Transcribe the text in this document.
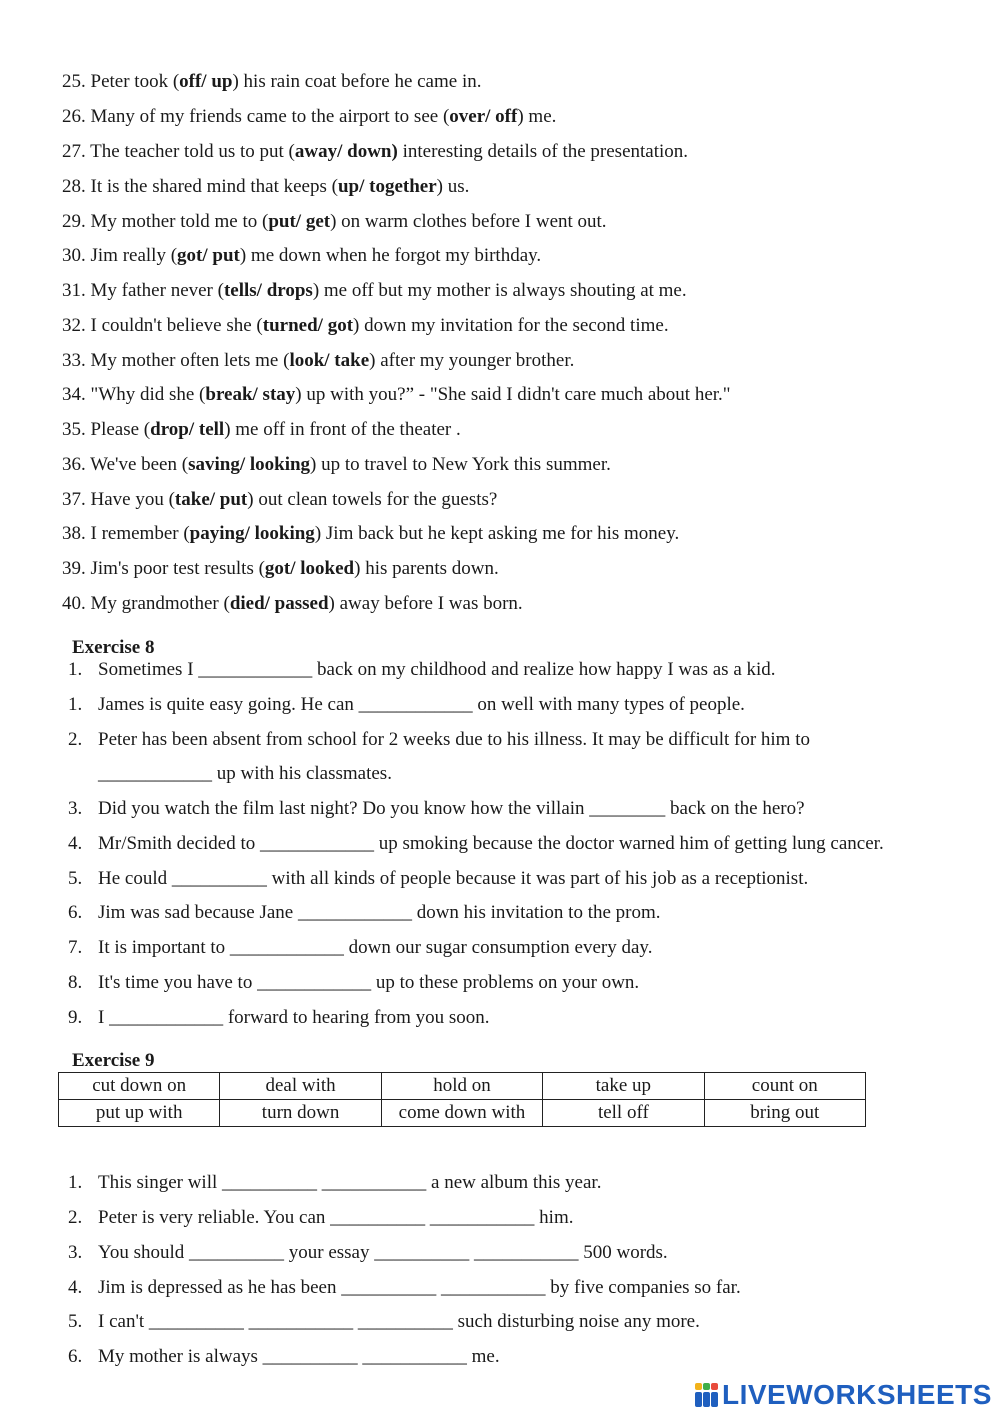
25. Peter took (off/ up) his rain coat before he came in.
26. Many of my friends came to the airport to see (over/ off) me.
27. The teacher told us to put (away/ down) interesting details of the presentation.
28. It is the shared mind that keeps (up/ together) us.
29. My mother told me to (put/ get) on warm clothes before I went out.
30. Jim really (got/ put) me down when he forgot my birthday.
31. My father never (tells/ drops) me off but my mother is always shouting at me.
32. I couldn't believe she (turned/ got) down my invitation for the second time.
33. My mother often lets me (look/ take) after my younger brother.
34. "Why did she (break/ stay) up with you?” - "She said I didn't care much about her."
35. Please (drop/ tell) me off in front of the theater .
36. We've been (saving/ looking) up to travel to New York this summer.
37. Have you (take/ put) out clean towels for the guests?
38. I remember (paying/ looking) Jim back but he kept asking me for his money.
39. Jim's poor test results (got/ looked) his parents down.
40. My grandmother (died/ passed) away before I was born.
Exercise 8
1. Sometimes I ____________ back on my childhood and realize how happy I was as a kid.
1. James is quite easy going. He can ____________ on well with many types of people.
2. Peter has been absent from school for 2 weeks due to his illness. It may be difficult for him to
____________ up with his classmates.
3. Did you watch the film last night? Do you know how the villain ________ back on the hero?
4. Mr/Smith decided to ____________ up smoking because the doctor warned him of getting lung cancer.
5. He could __________ with all kinds of people because it was part of his job as a receptionist.
6. Jim was sad because Jane ____________ down his invitation to the prom.
7. It is important to ____________ down our sugar consumption every day.
8. It's time you have to ____________ up to these problems on your own.
9. I ____________ forward to hearing from you soon.
Exercise 9
cut down on	deal with	hold on	take up	count on
put up with	turn down	come down with	tell off	bring out
1. This singer will __________ ___________ a new album this year.
2. Peter is very reliable. You can __________ ___________ him.
3. You should __________ your essay __________ ___________ 500 words.
4. Jim is depressed as he has been __________ ___________ by five companies so far.
5. I can't __________ ___________ __________ such disturbing noise any more.
6. My mother is always __________ ___________ me.
LIVEWORKSHEETS
